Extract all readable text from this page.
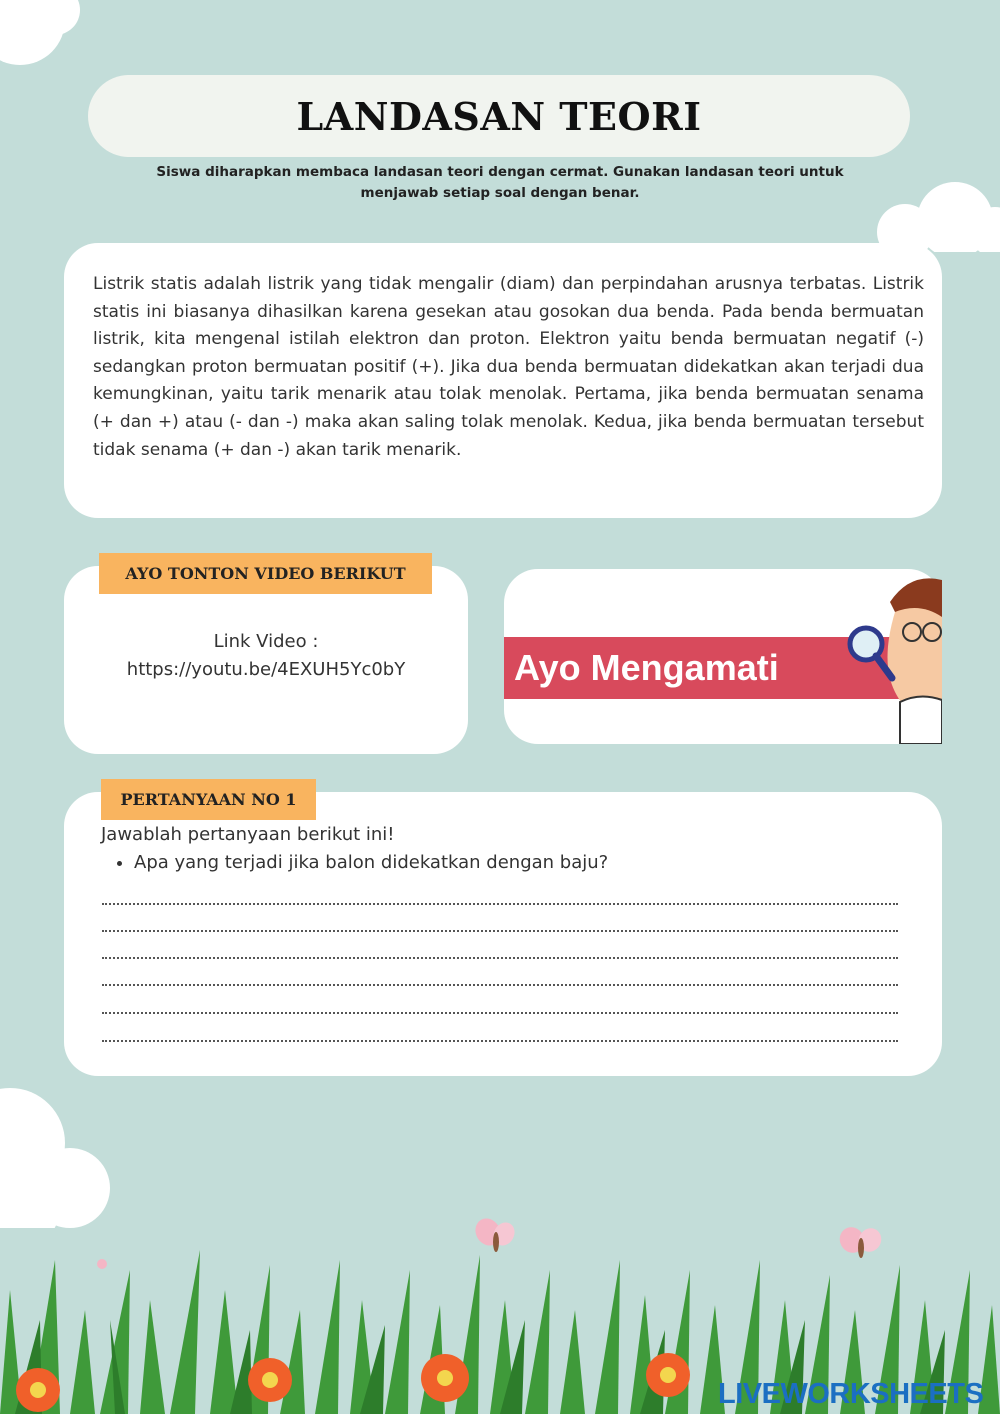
LANDASAN TEORI
Siswa diharapkan membaca landasan teori dengan cermat. Gunakan landasan teori untuk
menjawab setiap soal dengan benar.
Listrik statis adalah listrik yang tidak mengalir (diam) dan perpindahan arusnya terbatas. Listrik statis ini biasanya dihasilkan karena gesekan atau gosokan dua benda. Pada benda bermuatan listrik, kita mengenal istilah elektron dan proton. Elektron yaitu benda bermuatan negatif (-) sedangkan proton bermuatan positif (+). Jika dua benda bermuatan didekatkan akan terjadi dua kemungkinan, yaitu tarik menarik atau tolak menolak. Pertama, jika benda bermuatan senama (+ dan +) atau (- dan -) maka akan saling tolak menolak. Kedua, jika benda bermuatan tersebut tidak senama (+ dan -) akan tarik menarik.
AYO TONTON VIDEO BERIKUT
Link Video :
https://youtu.be/4EXUH5Yc0bY	Ayo Mengamati
PERTANYAAN NO 1
Jawablah pertanyaan berikut ini!
• Apa yang terjadi jika balon didekatkan dengan baju?
LIVEWORKSHEETS
